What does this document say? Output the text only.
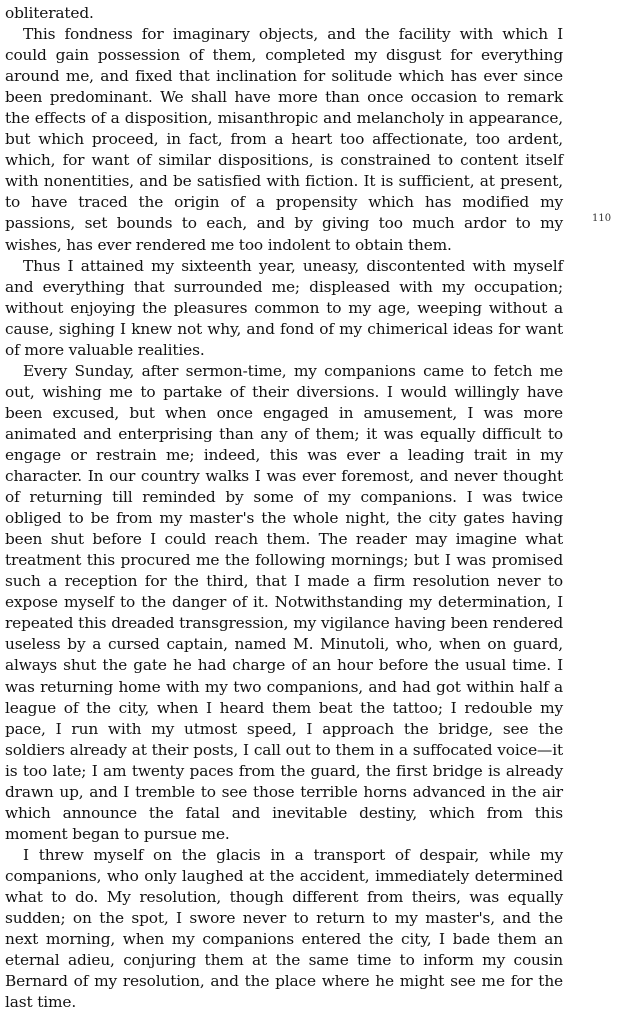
obliterated.

This fondness for imaginary objects, and the facility with which I could gain possession of them, completed my disgust for everything around me, and fixed that inclination for solitude which has ever since been predominant. We shall have more than once occasion to remark the effects of a disposition, misanthropic and melancholy in appearance, but which proceed, in fact, from a heart too affectionate, too ardent, which, for want of similar dispositions, is constrained to content itself with nonentities, and be satisfied with fiction. It is sufficient, at present, to have traced the origin of a propensity which has modified my passions, set bounds to each, and by giving too much ardor to my wishes, has ever rendered me too indolent to obtain them.

Thus I attained my sixteenth year, uneasy, discontented with myself and everything that surrounded me; displeased with my occupation; without enjoying the pleasures common to my age, weeping without a cause, sighing I knew not why, and fond of my chimerical ideas for want of more valuable realities.

Every Sunday, after sermon-time, my companions came to fetch me out, wishing me to partake of their diversions. I would willingly have been excused, but when once engaged in amusement, I was more animated and enterprising than any of them; it was equally difficult to engage or restrain me; indeed, this was ever a leading trait in my character. In our country walks I was ever foremost, and never thought of returning till reminded by some of my companions. I was twice obliged to be from my master's the whole night, the city gates having been shut before I could reach them. The reader may imagine what treatment this procured me the following mornings; but I was promised such a reception for the third, that I made a firm resolution never to expose myself to the danger of it. Notwithstanding my determination, I repeated this dreaded transgression, my vigilance having been rendered useless by a cursed captain, named M. Minutoli, who, when on guard, always shut the gate he had charge of an hour before the usual time. I was returning home with my two companions, and had got within half a league of the city, when I heard them beat the tattoo; I redouble my pace, I run with my utmost speed, I approach the bridge, see the soldiers already at their posts, I call out to them in a suffocated voice—it is too late; I am twenty paces from the guard, the first bridge is already drawn up, and I tremble to see those terrible horns advanced in the air which announce the fatal and inevitable destiny, which from this moment began to pursue me.

I threw myself on the glacis in a transport of despair, while my companions, who only laughed at the accident, immediately determined what to do. My resolution, though different from theirs, was equally sudden; on the spot, I swore never to return to my master's, and the next morning, when my companions entered the city, I bade them an eternal adieu, conjuring them at the same time to inform my cousin Bernard of my resolution, and the place where he might see me for the last time.

110
